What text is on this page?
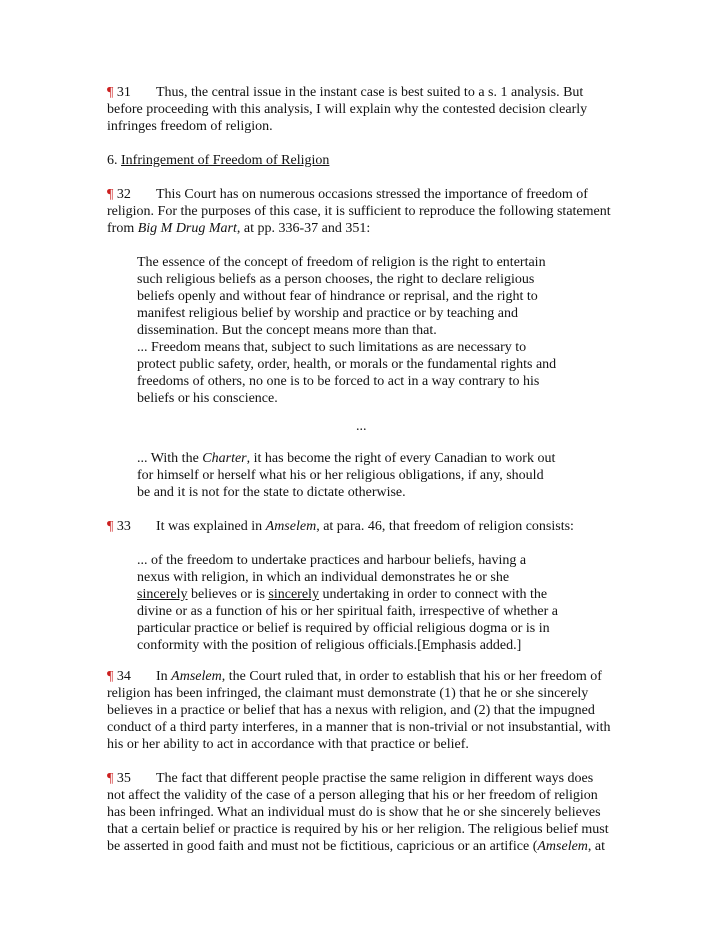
¶ 31 Thus, the central issue in the instant case is best suited to a s. 1 analysis. But
before proceeding with this analysis, I will explain why the contested decision clearly
infringes freedom of religion.
6. Infringement of Freedom of Religion
¶ 32 This Court has on numerous occasions stressed the importance of freedom of
religion. For the purposes of this case, it is sufficient to reproduce the following statement
from Big M Drug Mart, at pp. 336-37 and 351:
The essence of the concept of freedom of religion is the right to entertain
such religious beliefs as a person chooses, the right to declare religious
beliefs openly and without fear of hindrance or reprisal, and the right to
manifest religious belief by worship and practice or by teaching and
dissemination. But the concept means more than that.
... Freedom means that, subject to such limitations as are necessary to
protect public safety, order, health, or morals or the fundamental rights and
freedoms of others, no one is to be forced to act in a way contrary to his
beliefs or his conscience.
...
... With the Charter, it has become the right of every Canadian to work out
for himself or herself what his or her religious obligations, if any, should
be and it is not for the state to dictate otherwise.
¶ 33 It was explained in Amselem, at para. 46, that freedom of religion consists:
... of the freedom to undertake practices and harbour beliefs, having a
nexus with religion, in which an individual demonstrates he or she
sincerely believes or is sincerely undertaking in order to connect with the
divine or as a function of his or her spiritual faith, irrespective of whether a
particular practice or belief is required by official religious dogma or is in
conformity with the position of religious officials.[Emphasis added.]
¶ 34 In Amselem, the Court ruled that, in order to establish that his or her freedom of
religion has been infringed, the claimant must demonstrate (1) that he or she sincerely
believes in a practice or belief that has a nexus with religion, and (2) that the impugned
conduct of a third party interferes, in a manner that is non-trivial or not insubstantial, with
his or her ability to act in accordance with that practice or belief.
¶ 35 The fact that different people practise the same religion in different ways does
not affect the validity of the case of a person alleging that his or her freedom of religion
has been infringed. What an individual must do is show that he or she sincerely believes
that a certain belief or practice is required by his or her religion. The religious belief must
be asserted in good faith and must not be fictitious, capricious or an artifice (Amselem, at
